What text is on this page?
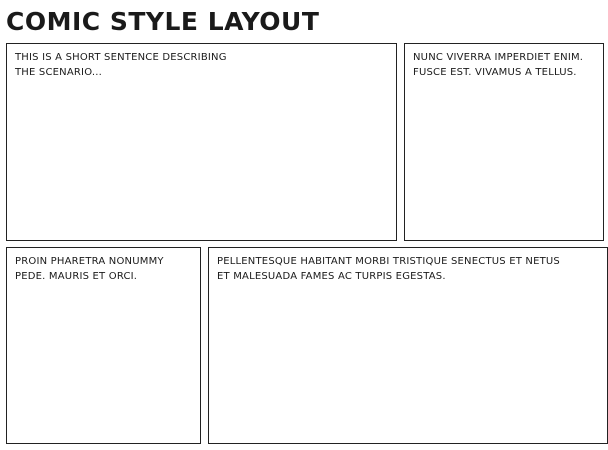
COMIC STYLE LAYOUT
THIS IS A SHORT SENTENCE DESCRIBING THE SCENARIO...
NUNC VIVERRA IMPERDIET ENIM. FUSCE EST. VIVAMUS A TELLUS.
PROIN PHARETRA NONUMMY PEDE. MAURIS ET ORCI.
PELLENTESQUE HABITANT MORBI TRISTIQUE SENECTUS ET NETUS ET MALESUADA FAMES AC TURPIS EGESTAS.
